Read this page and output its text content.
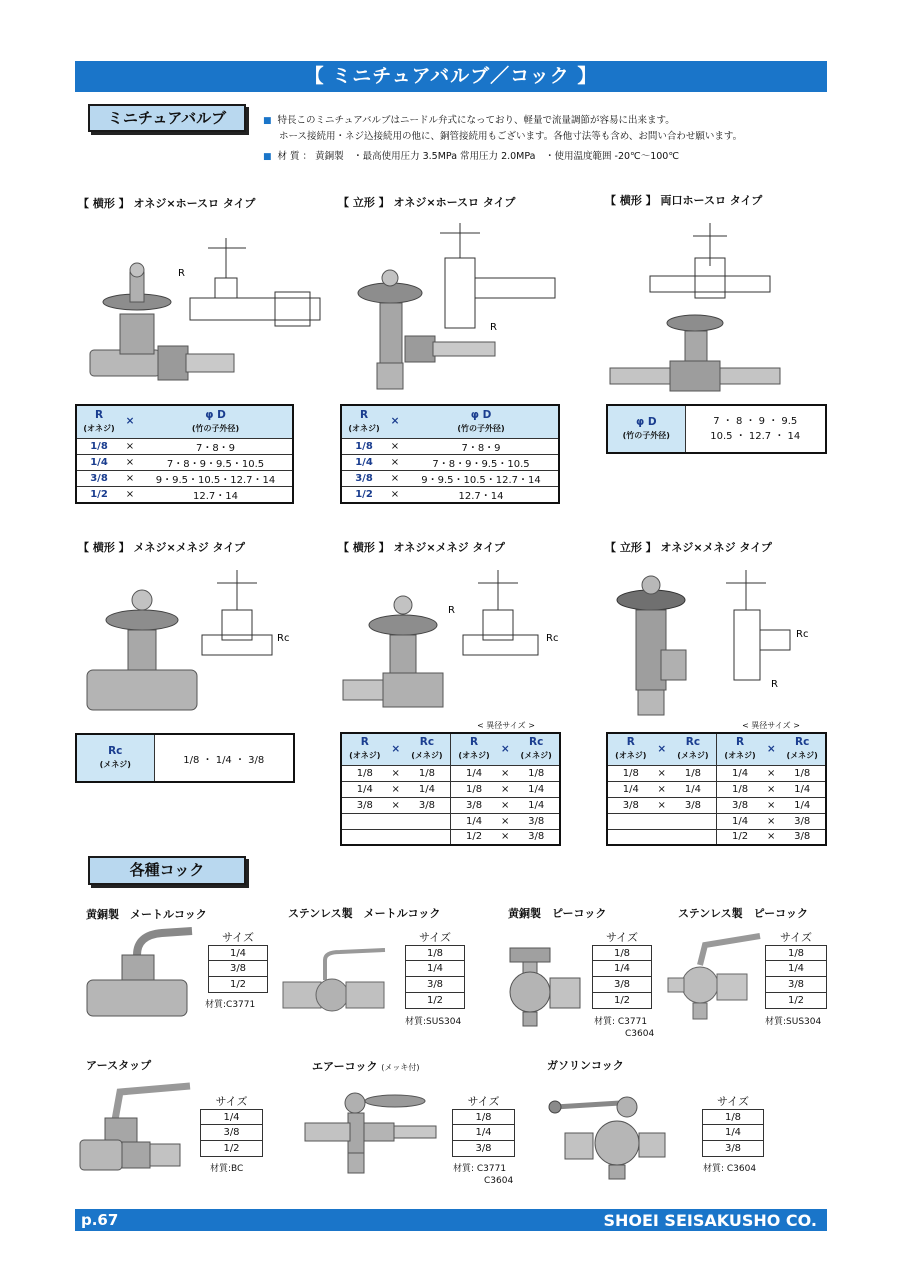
【 ミニチュアバルブ／コック 】
ミニチュアバルブ	■ 特長このミニチュアバルブはニードル弁式になっており、軽量で流量調節が容易に出来ます。
ホース接続用・ネジ込接続用の他に、銅管接続用もございます。各他寸法等も含め、お問い合わせ願います。
■ 材 質 ： 黄銅製　・最高使用圧力 3.5MPa 常用圧力 2.0MPa　・使用温度範囲 -20℃〜100℃
【 横形 】 オネジ×ホースロ タイプ	【 立形 】 オネジ×ホースロ タイプ	【 横形 】 両口ホースロ タイプ
R
R
R
(オネジ)	×	φ D
(竹の子外径)

1/8	×	7・8・9
1/4	×	7・8・9・9.5・10.5
3/8	×	9・9.5・10.5・12.7・14
1/2	×	12.7・14
R
(オネジ)	×	φ D
(竹の子外径)

1/8	×	7・8・9
1/4	×	7・8・9・9.5・10.5
3/8	×	9・9.5・10.5・12.7・14
1/2	×	12.7・14
φ D
(竹の子外径)

7 ・ 8 ・ 9 ・ 9.5
10.5 ・ 12.7 ・ 14
【 横形 】 メネジ×メネジ タイプ	【 横形 】 オネジ×メネジ タイプ	【 立形 】 オネジ×メネジ タイプ
Rc
R
Rc	Rc
R
Rc
(メネジ)	1/8 ・ 1/4 ・ 3/8
< 異径サイズ >
R
(オネジ)	×	Rc
(メネジ)	R
(オネジ)	×	Rc
(メネジ)

1/8	×	1/8	1/4	×	1/8
1/4	×	1/4	1/8	×	1/4
3/8	×	3/8	3/8	×	1/4
			1/4	×	3/8
			1/2	×	3/8
< 異径サイズ >
R
(オネジ)	×	Rc
(メネジ)	R
(オネジ)	×	Rc
(メネジ)

1/8	×	1/8	1/4	×	1/8
1/4	×	1/4	1/8	×	1/4
3/8	×	3/8	3/8	×	1/4
			1/4	×	3/8
			1/2	×	3/8
各種コック
黄銅製　メートルコック	ステンレス製　メートルコック	黄銅製　ピーコック	ステンレス製　ピーコック
サイズ
1/4
3/8
1/2
材質:C3771
サイズ
1/8
1/4
3/8
1/2
材質:SUS304
サイズ
1/8
1/4
3/8
1/2
材質: C3771
C3604
サイズ
1/8
1/4
3/8
1/2
材質:SUS304
アースタップ	エアーコック (メッキ付)	ガソリンコック
サイズ
1/4
3/8
1/2
材質:BC
サイズ
1/8
1/4
3/8
材質: C3771
C3604
サイズ
1/8
1/4
3/8
材質: C3604
p.67	SHOEI SEISAKUSHO CO.
